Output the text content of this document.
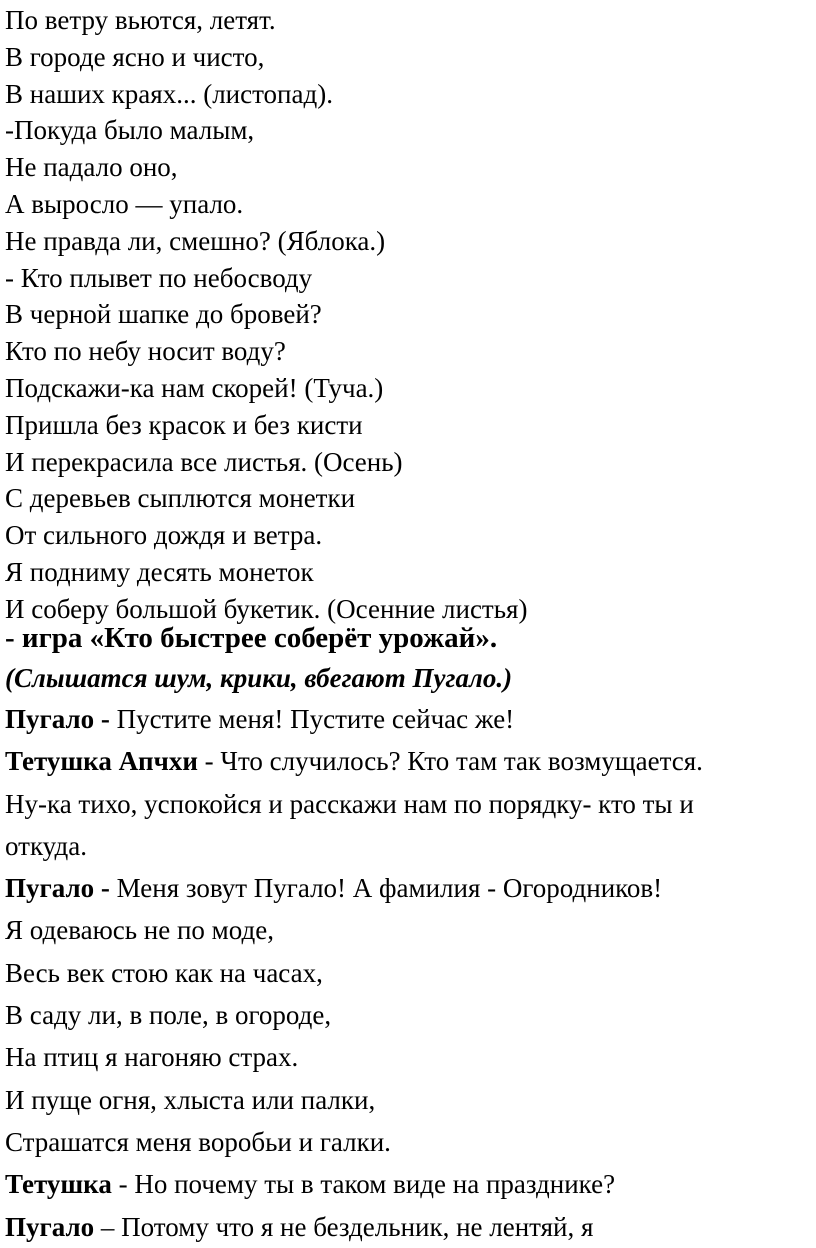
По ветру вьются, летят.
В городе ясно и чисто,
В наших краях... (листопад).
-Покуда было малым,
Не падало оно,
А выросло — упало.
Не правда ли, смешно? (Яблока.)
- Кто плывет по небосводу
В черной шапке до бровей?
Кто по небу носит воду?
Подскажи-ка нам скорей! (Туча.)
Пришла без красок и без кисти
И перекрасила все листья. (Осень)
С деревьев сыплются монетки
От сильного дождя и ветра.
Я подниму десять монеток
И соберу большой букетик. (Осенние листья)
- игра «Кто быстрее соберёт урожай».
(Слышатся шум, крики, вбегают Пугало.)
Пугало - Пустите меня! Пустите сейчас же!
Тетушка Апчхи - Что случилось? Кто там так возмущается.
Ну-ка тихо, успокойся и расскажи нам по порядку- кто ты и
откуда.
Пугало - Меня зовут Пугало! А фамилия - Огородников!
Я одеваюсь не по моде,
Весь век стою как на часах,
В саду ли, в поле, в огороде,
На птиц я нагоняю страх.
И пуще огня, хлыста или палки,
Страшатся меня воробьи и галки.
Тетушка - Но почему ты в таком виде на празднике?
Пугало – Потому что я не бездельник, не лентяй, я
